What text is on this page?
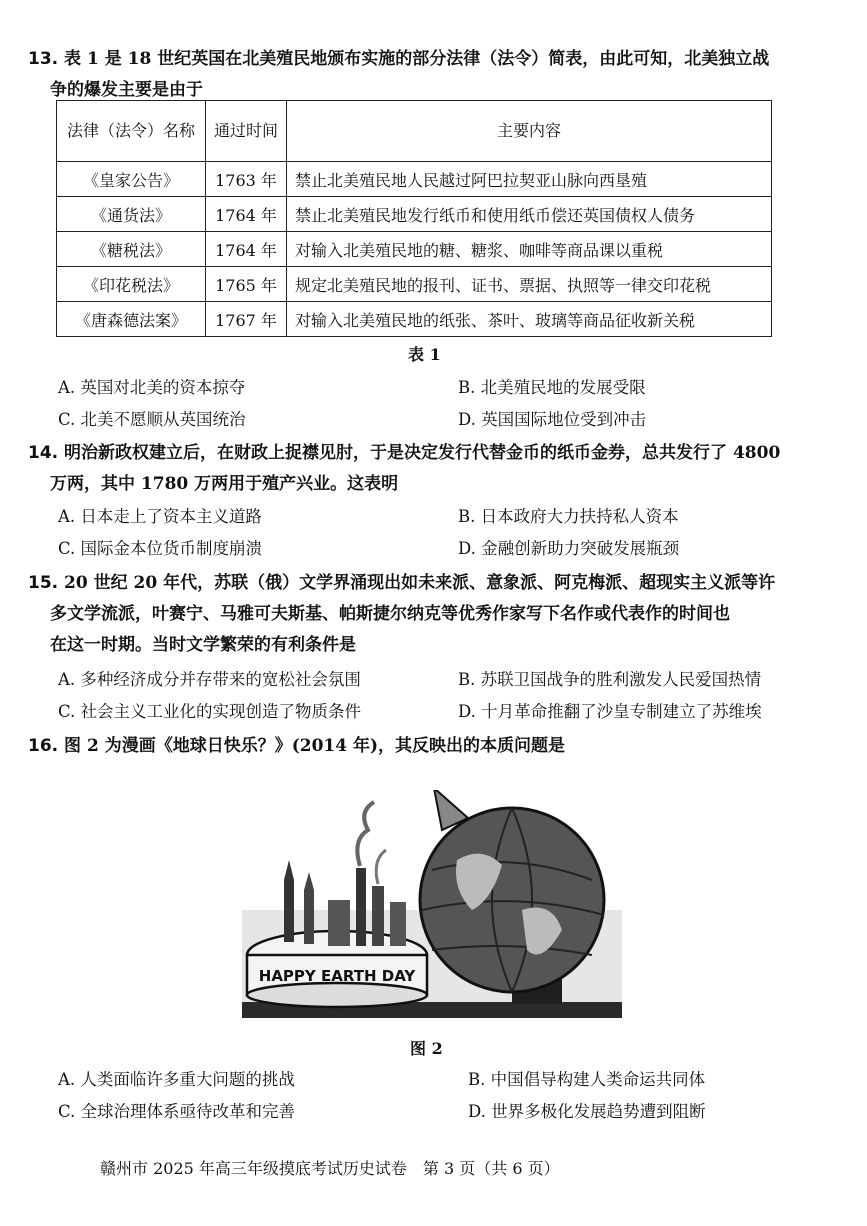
13. 表 1 是 18 世纪英国在北美殖民地颁布实施的部分法律（法令）简表，由此可知，北美独立战
争的爆发主要是由于
法律（法令）名称	通过时间	主要内容
《皇家公告》	1763 年	禁止北美殖民地人民越过阿巴拉契亚山脉向西垦殖
《通货法》	1764 年	禁止北美殖民地发行纸币和使用纸币偿还英国债权人债务
《糖税法》	1764 年	对输入北美殖民地的糖、糖浆、咖啡等商品课以重税
《印花税法》	1765 年	规定北美殖民地的报刊、证书、票据、执照等一律交印花税
《唐森德法案》	1767 年	对输入北美殖民地的纸张、茶叶、玻璃等商品征收新关税
表 1
A. 英国对北美的资本掠夺	B. 北美殖民地的发展受限
C. 北美不愿顺从英国统治	D. 英国国际地位受到冲击
14. 明治新政权建立后，在财政上捉襟见肘，于是决定发行代替金币的纸币金券，总共发行了 4800
万两，其中 1780 万两用于殖产兴业。这表明
A. 日本走上了资本主义道路	B. 日本政府大力扶持私人资本
C. 国际金本位货币制度崩溃	D. 金融创新助力突破发展瓶颈
15. 20 世纪 20 年代，苏联（俄）文学界涌现出如未来派、意象派、阿克梅派、超现实主义派等许
多文学流派，叶赛宁、马雅可夫斯基、帕斯捷尔纳克等优秀作家写下名作或代表作的时间也
在这一时期。当时文学繁荣的有利条件是
A. 多种经济成分并存带来的宽松社会氛围	B. 苏联卫国战争的胜利激发人民爱国热情
C. 社会主义工业化的实现创造了物质条件	D. 十月革命推翻了沙皇专制建立了苏维埃
16. 图 2 为漫画《地球日快乐？》(2014 年)，其反映出的本质问题是
HAPPY EARTH DAY
图 2
A. 人类面临许多重大问题的挑战	B. 中国倡导构建人类命运共同体
C. 全球治理体系亟待改革和完善	D. 世界多极化发展趋势遭到阻断
赣州市 2025 年高三年级摸底考试历史试卷　第 3 页（共 6 页）
